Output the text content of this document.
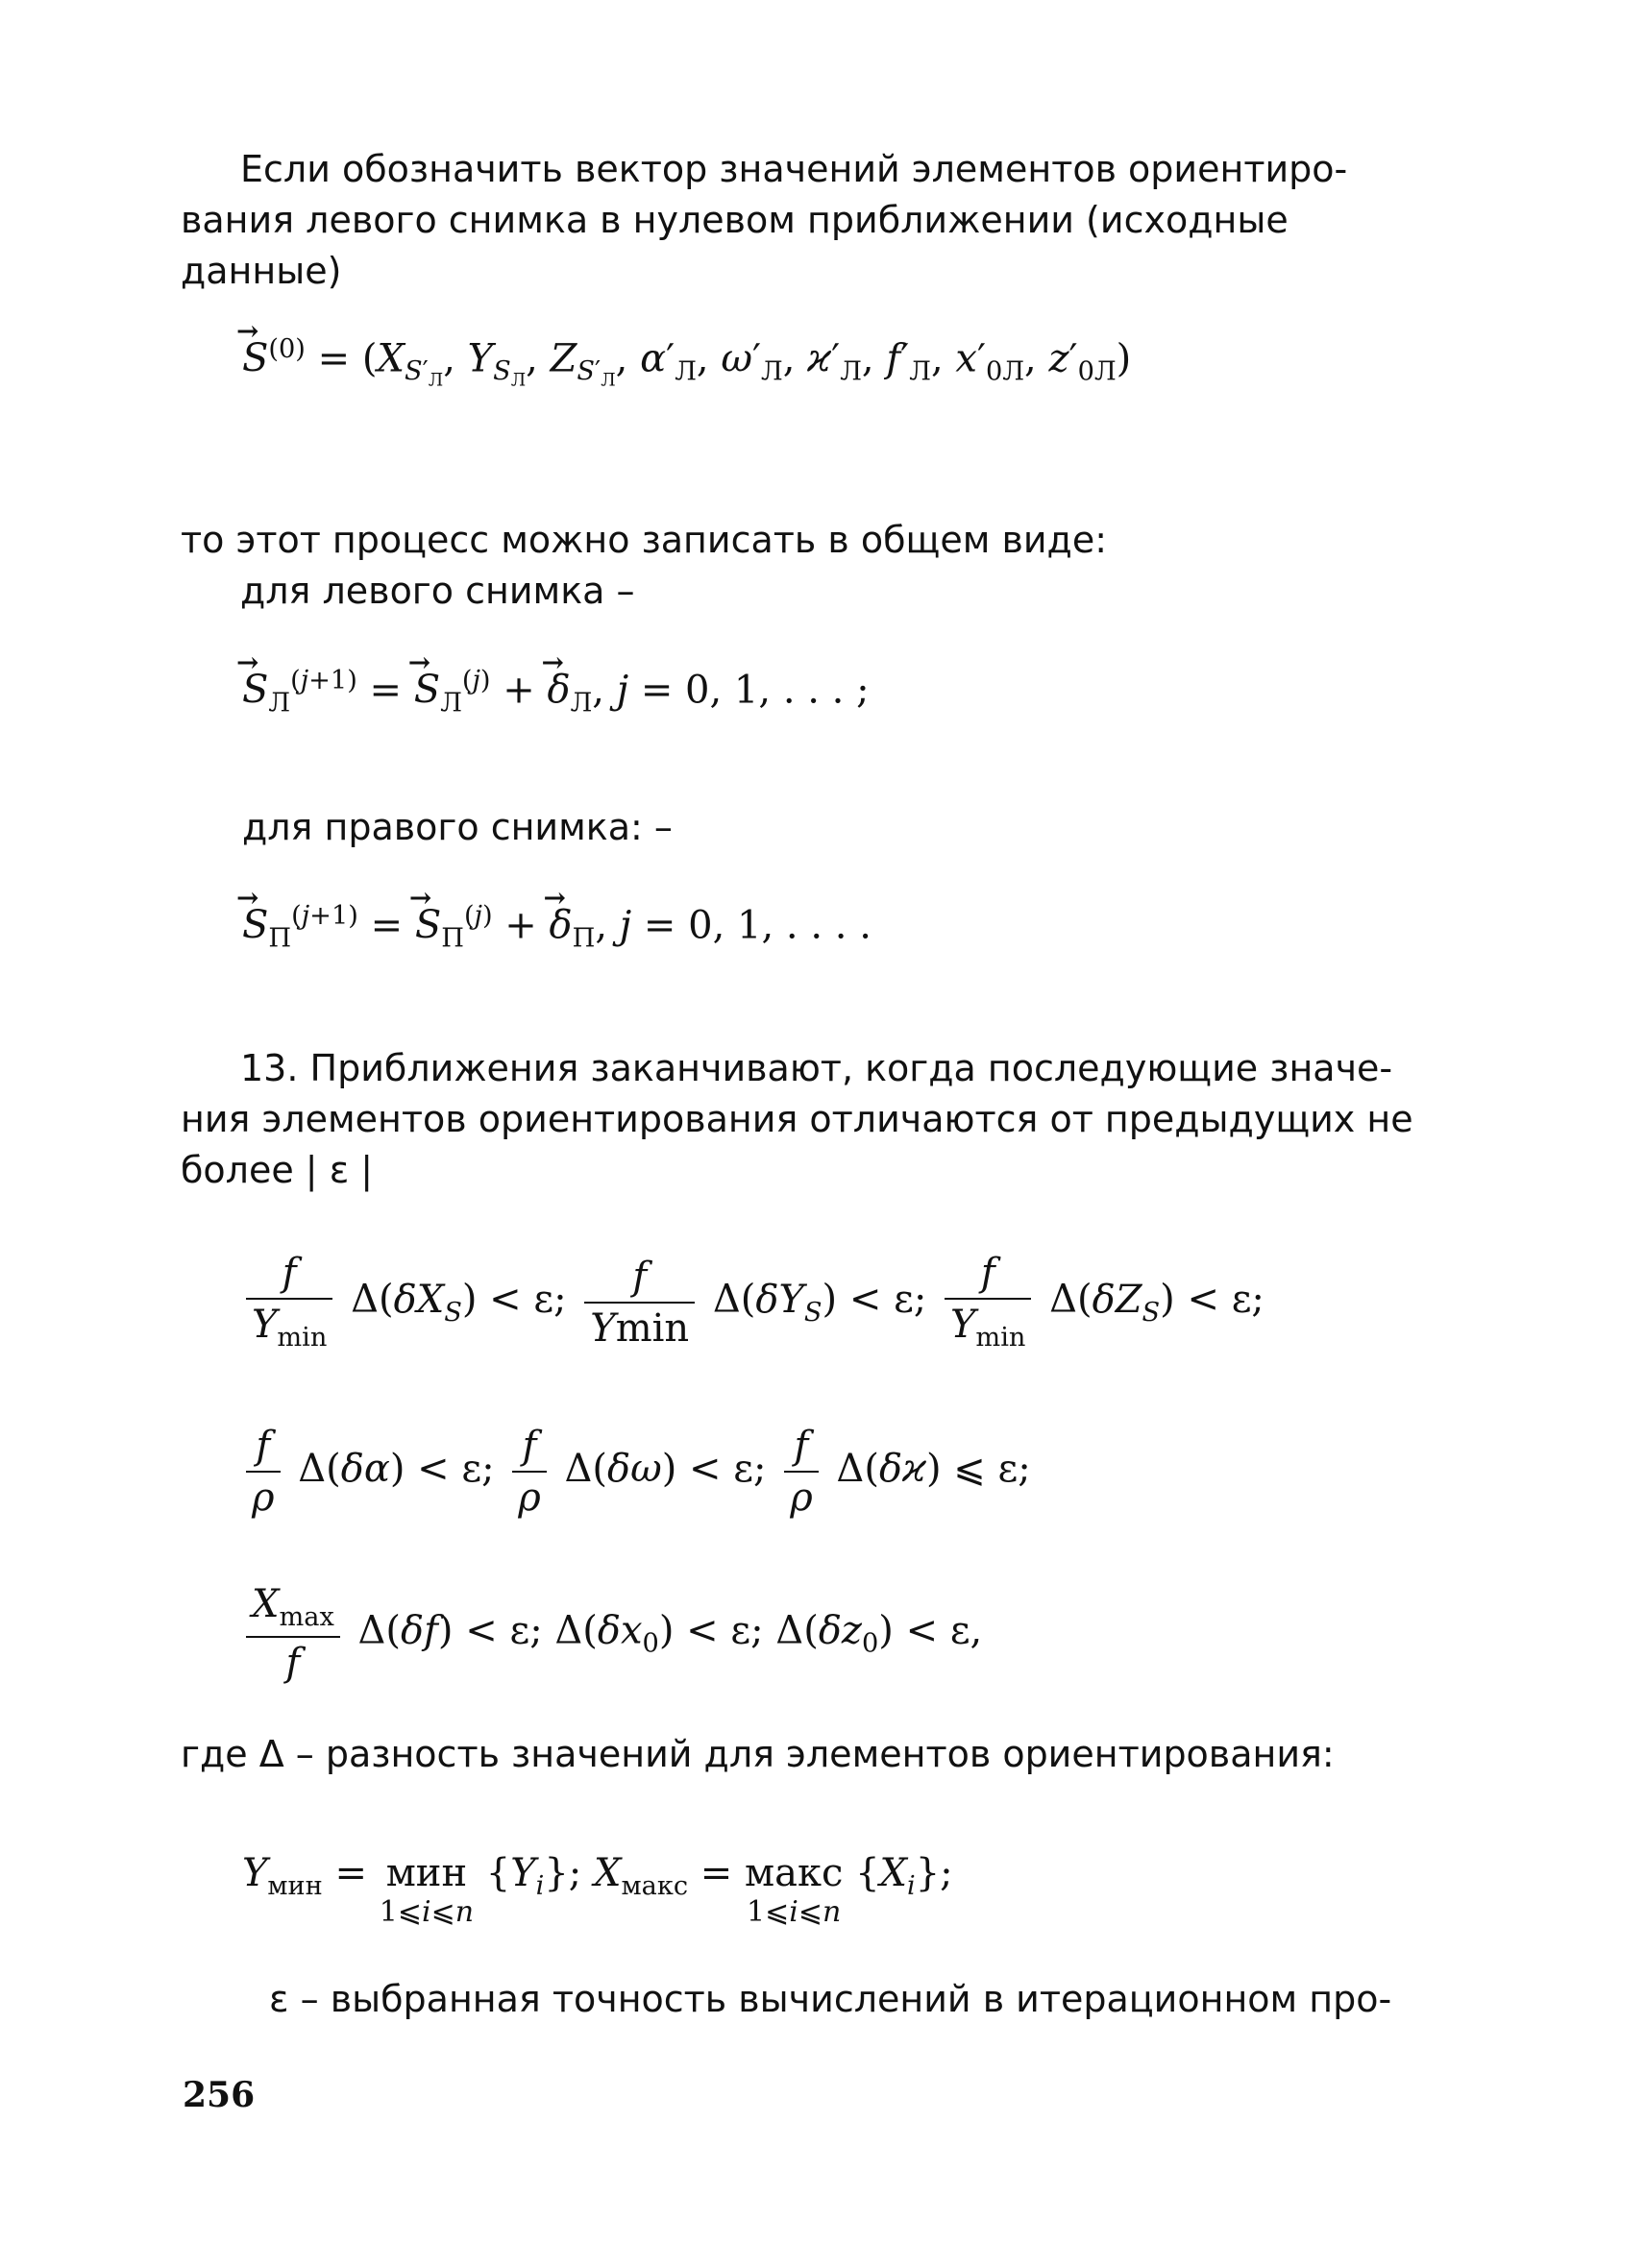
Если обозначить вектор значений элементов ориентиро-
вания левого снимка в нулевом приближении (исходные
данные)

→ $S^{(0)} = (X_{S'_Л}$, $Y_{S_Л}$, $Z_{S'_Л}$, $\alpha'_Л$, $\omega'_Л$, $ϰ'_Л$, $f'_Л$, $x'_{0Л}$, $z'_{0Л}$)

то этот процесс можно записать в общем виде:
для левого снимка –

→ $S_Л^{(j+1)}$ = → $S_Л^{(j)}$ + → $\delta_Л$, j = 0, 1, . . . ;

для правого снимка: –

→ $S_П^{(j+1)}$ = → $S_П^{(j)}$ + → $\delta_П$, j = 0, 1, . . . .

13. Приближения заканчивают, когда последующие значе-
ния элементов ориентирования отличаются от предыдущих не
более | ε |

$\frac{f}{Y_{min}} \Delta(\delta X_S) < \varepsilon$; $\frac{f}{Ymin} \Delta(\delta Y_S) < \varepsilon$; $\frac{f}{Y_{min}} \Delta(\delta Z_S) < \varepsilon$;
$\frac{f}{\rho} \Delta(\delta\alpha) < \varepsilon$; $\frac{f}{\rho} \Delta(\delta\omega) < \varepsilon$; $\frac{f}{\rho} \Delta(\delta ϰ)$ ⩽ ε;
$\frac{X_{max}}{f} \Delta(\delta f) < \varepsilon$; $\Delta(\delta x_0) < \varepsilon$; $\Delta(\delta z_0) < \varepsilon$,

где Δ – разность значений для элементов ориентирования:

$Y_{мин}$ = мин
1⩽i⩽n
$\{Y_i\}$; $X_{макс}$ = макс
1⩽i⩽n
$\{X_i\}$;

ε – выбранная точность вычислений в итерационном про-

256
